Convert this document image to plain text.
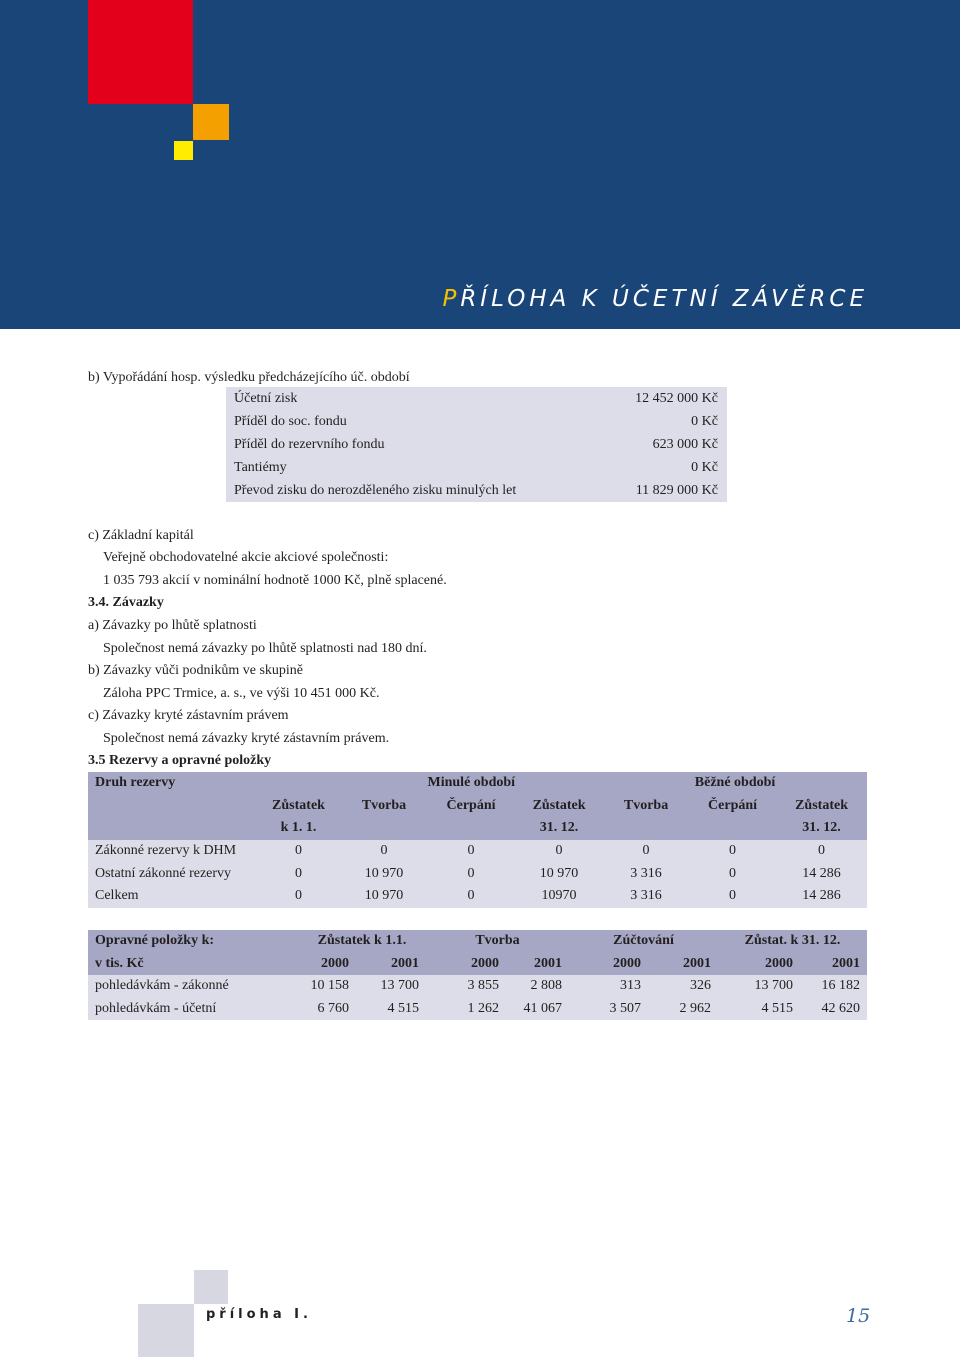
PŘÍLOHA K ÚČETNÍ ZÁVĚRCE
b) Vypořádání hosp. výsledku předcházejícího úč. období
Účetní zisk	12 452 000 Kč
Příděl do soc. fondu	0 Kč
Příděl do rezervního fondu	623 000 Kč
Tantiémy	0 Kč
Převod zisku do nerozděleného zisku minulých let	11 829 000 Kč
c) Základní kapitál
Veřejně obchodovatelné akcie akciové společnosti:
1 035 793 akcií v nominální hodnotě 1000 Kč, plně splacené.
3.4. Závazky
a) Závazky po lhůtě splatnosti
Společnost nemá závazky po lhůtě splatnosti nad 180 dní.
b) Závazky vůči podnikům ve skupině
Záloha PPC Trmice, a. s., ve výši 10 451 000 Kč.
c) Závazky kryté zástavním právem
Společnost nemá závazky kryté zástavním právem.
3.5 Rezervy a opravné položky
Druh rezervy	Minulé období				Běžné období		
	Zůstatek	Tvorba	Čerpání	Zůstatek	Tvorba	Čerpání	Zůstatek
	k 1. 1.			31. 12.			31. 12.
Zákonné rezervy k DHM	0	0	0	0	0	0	0
Ostatní zákonné rezervy	0	10 970	0	10 970	3 316	0	14 286
Celkem	0	10 970	0	10970	3 316	0	14 286
Opravné položky k:	Zůstatek k 1.1.		Tvorba		Zúčtování		Zůstat. k 31. 12.	
v tis. Kč	2000	2001	2000	2001	2000	2001	2000	2001
pohledávkám - zákonné	10 158	13 700	3 855	2 808	313	326	13 700	16 182
pohledávkám - účetní	6 760	4 515	1 262	41 067	3 507	2 962	4 515	42 620
příloha I.	15
